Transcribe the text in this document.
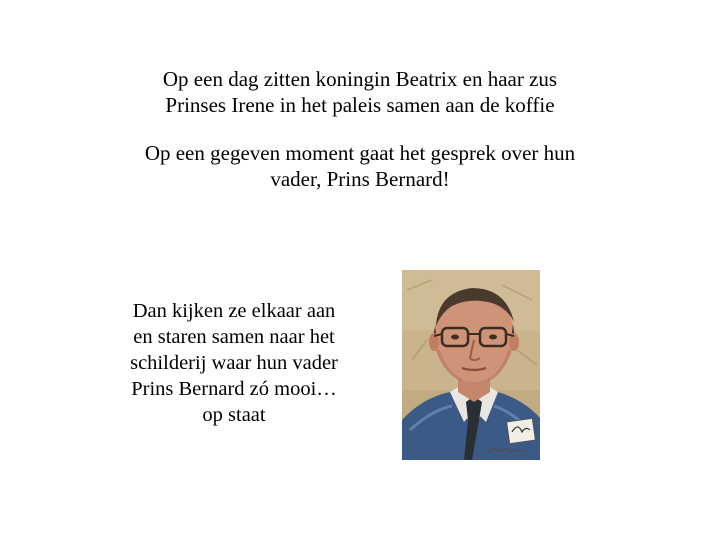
Op een dag zitten koningin Beatrix en haar zus
Prinses Irene in het paleis samen aan de koffie

Op een gegeven moment gaat het gesprek over hun
vader, Prins Bernard!

Dan kijken ze elkaar aan
en staren samen naar het
schilderij waar hun vader
Prins Bernard zó mooi…
op staat
